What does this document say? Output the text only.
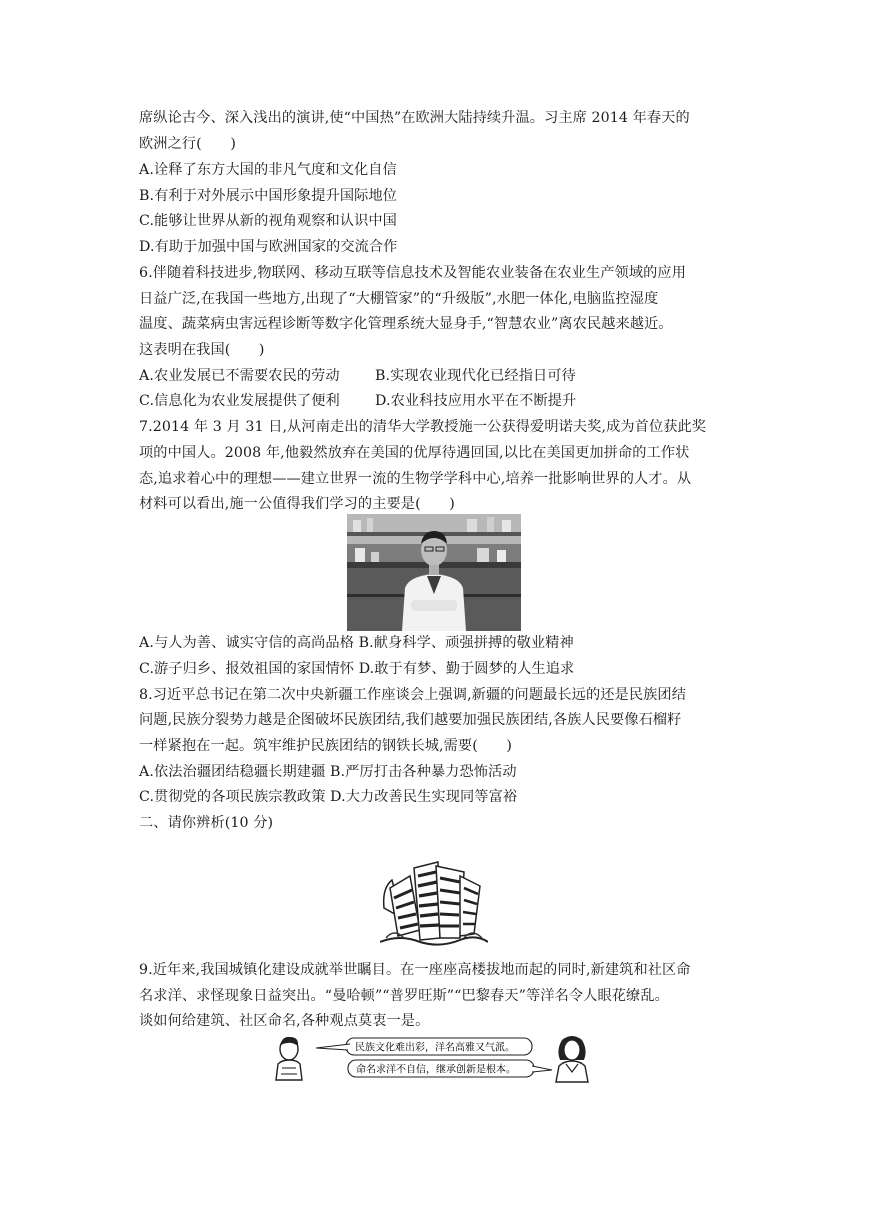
席纵论古今、深入浅出的演讲,使“中国热”在欧洲大陆持续升温。习主席 2014 年春天的
欧洲之行(　　)
A.诠释了东方大国的非凡气度和文化自信
B.有利于对外展示中国形象提升国际地位
C.能够让世界从新的视角观察和认识中国
D.有助于加强中国与欧洲国家的交流合作
6.伴随着科技进步,物联网、移动互联等信息技术及智能农业装备在农业生产领域的应用
日益广泛,在我国一些地方,出现了“大棚管家”的“升级版”,水肥一体化,电脑监控湿度
温度、蔬菜病虫害远程诊断等数字化管理系统大显身手,“智慧农业”离农民越来越近。
这表明在我国(　　)
A.农业发展已不需要农民的劳动 B.实现农业现代化已经指日可待
C.信息化为农业发展提供了便利 D.农业科技应用水平在不断提升
7.2014 年 3 月 31 日,从河南走出的清华大学教授施一公获得爱明诺夫奖,成为首位获此奖
项的中国人。2008 年,他毅然放弃在美国的优厚待遇回国,以比在美国更加拼命的工作状
态,追求着心中的理想——建立世界一流的生物学学科中心,培养一批影响世界的人才。从
材料可以看出,施一公值得我们学习的主要是(　　)
A.与人为善、诚实守信的高尚品格 B.献身科学、顽强拼搏的敬业精神
C.游子归乡、报效祖国的家国情怀 D.敢于有梦、勤于圆梦的人生追求
8.习近平总书记在第二次中央新疆工作座谈会上强调,新疆的问题最长远的还是民族团结
问题,民族分裂势力越是企图破坏民族团结,我们越要加强民族团结,各族人民要像石榴籽
一样紧抱在一起。筑牢维护民族团结的钢铁长城,需要(　　)
A.依法治疆团结稳疆长期建疆 B.严厉打击各种暴力恐怖活动
C.贯彻党的各项民族宗教政策 D.大力改善民生实现同等富裕
二、请你辨析(10 分)
9.近年来,我国城镇化建设成就举世瞩目。在一座座高楼拔地而起的同时,新建筑和社区命
名求洋、求怪现象日益突出。“曼哈顿”“普罗旺斯”“巴黎春天”等洋名令人眼花缭乱。
谈如何给建筑、社区命名,各种观点莫衷一是。
民族文化难出彩，洋名高雅又气派。
命名求洋不自信，继承创新是根本。
